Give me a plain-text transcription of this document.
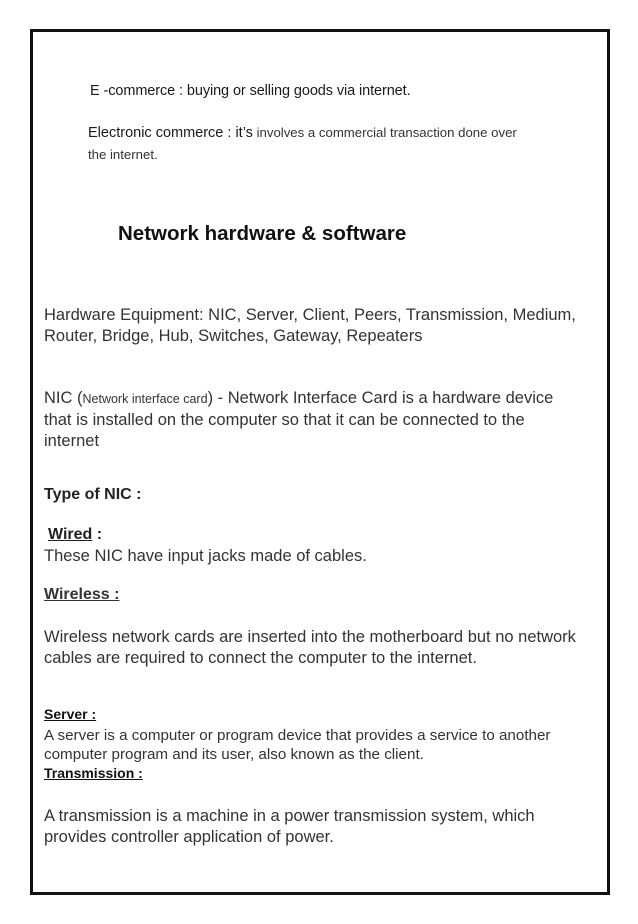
E -commerce : buying or selling goods via internet.

Electronic commerce : it’s involves a commercial transaction done over

the internet.

Network hardware & software

Hardware Equipment: NIC, Server, Client, Peers, Transmission, Medium, Router, Bridge, Hub, Switches, Gateway, Repeaters

NIC (Network interface card) - Network Interface Card is a hardware device that is installed on the computer so that it can be connected to the internet

Type of NIC :

Wired :

These NIC have input jacks made of cables.

Wireless :

Wireless network cards are inserted into the motherboard but no network cables are required to connect the computer to the internet.

Server :

A server is a computer or program device that provides a service to another computer program and its user, also known as the client.

Transmission :

A transmission is a machine in a power transmission system, which provides controller application of power.
